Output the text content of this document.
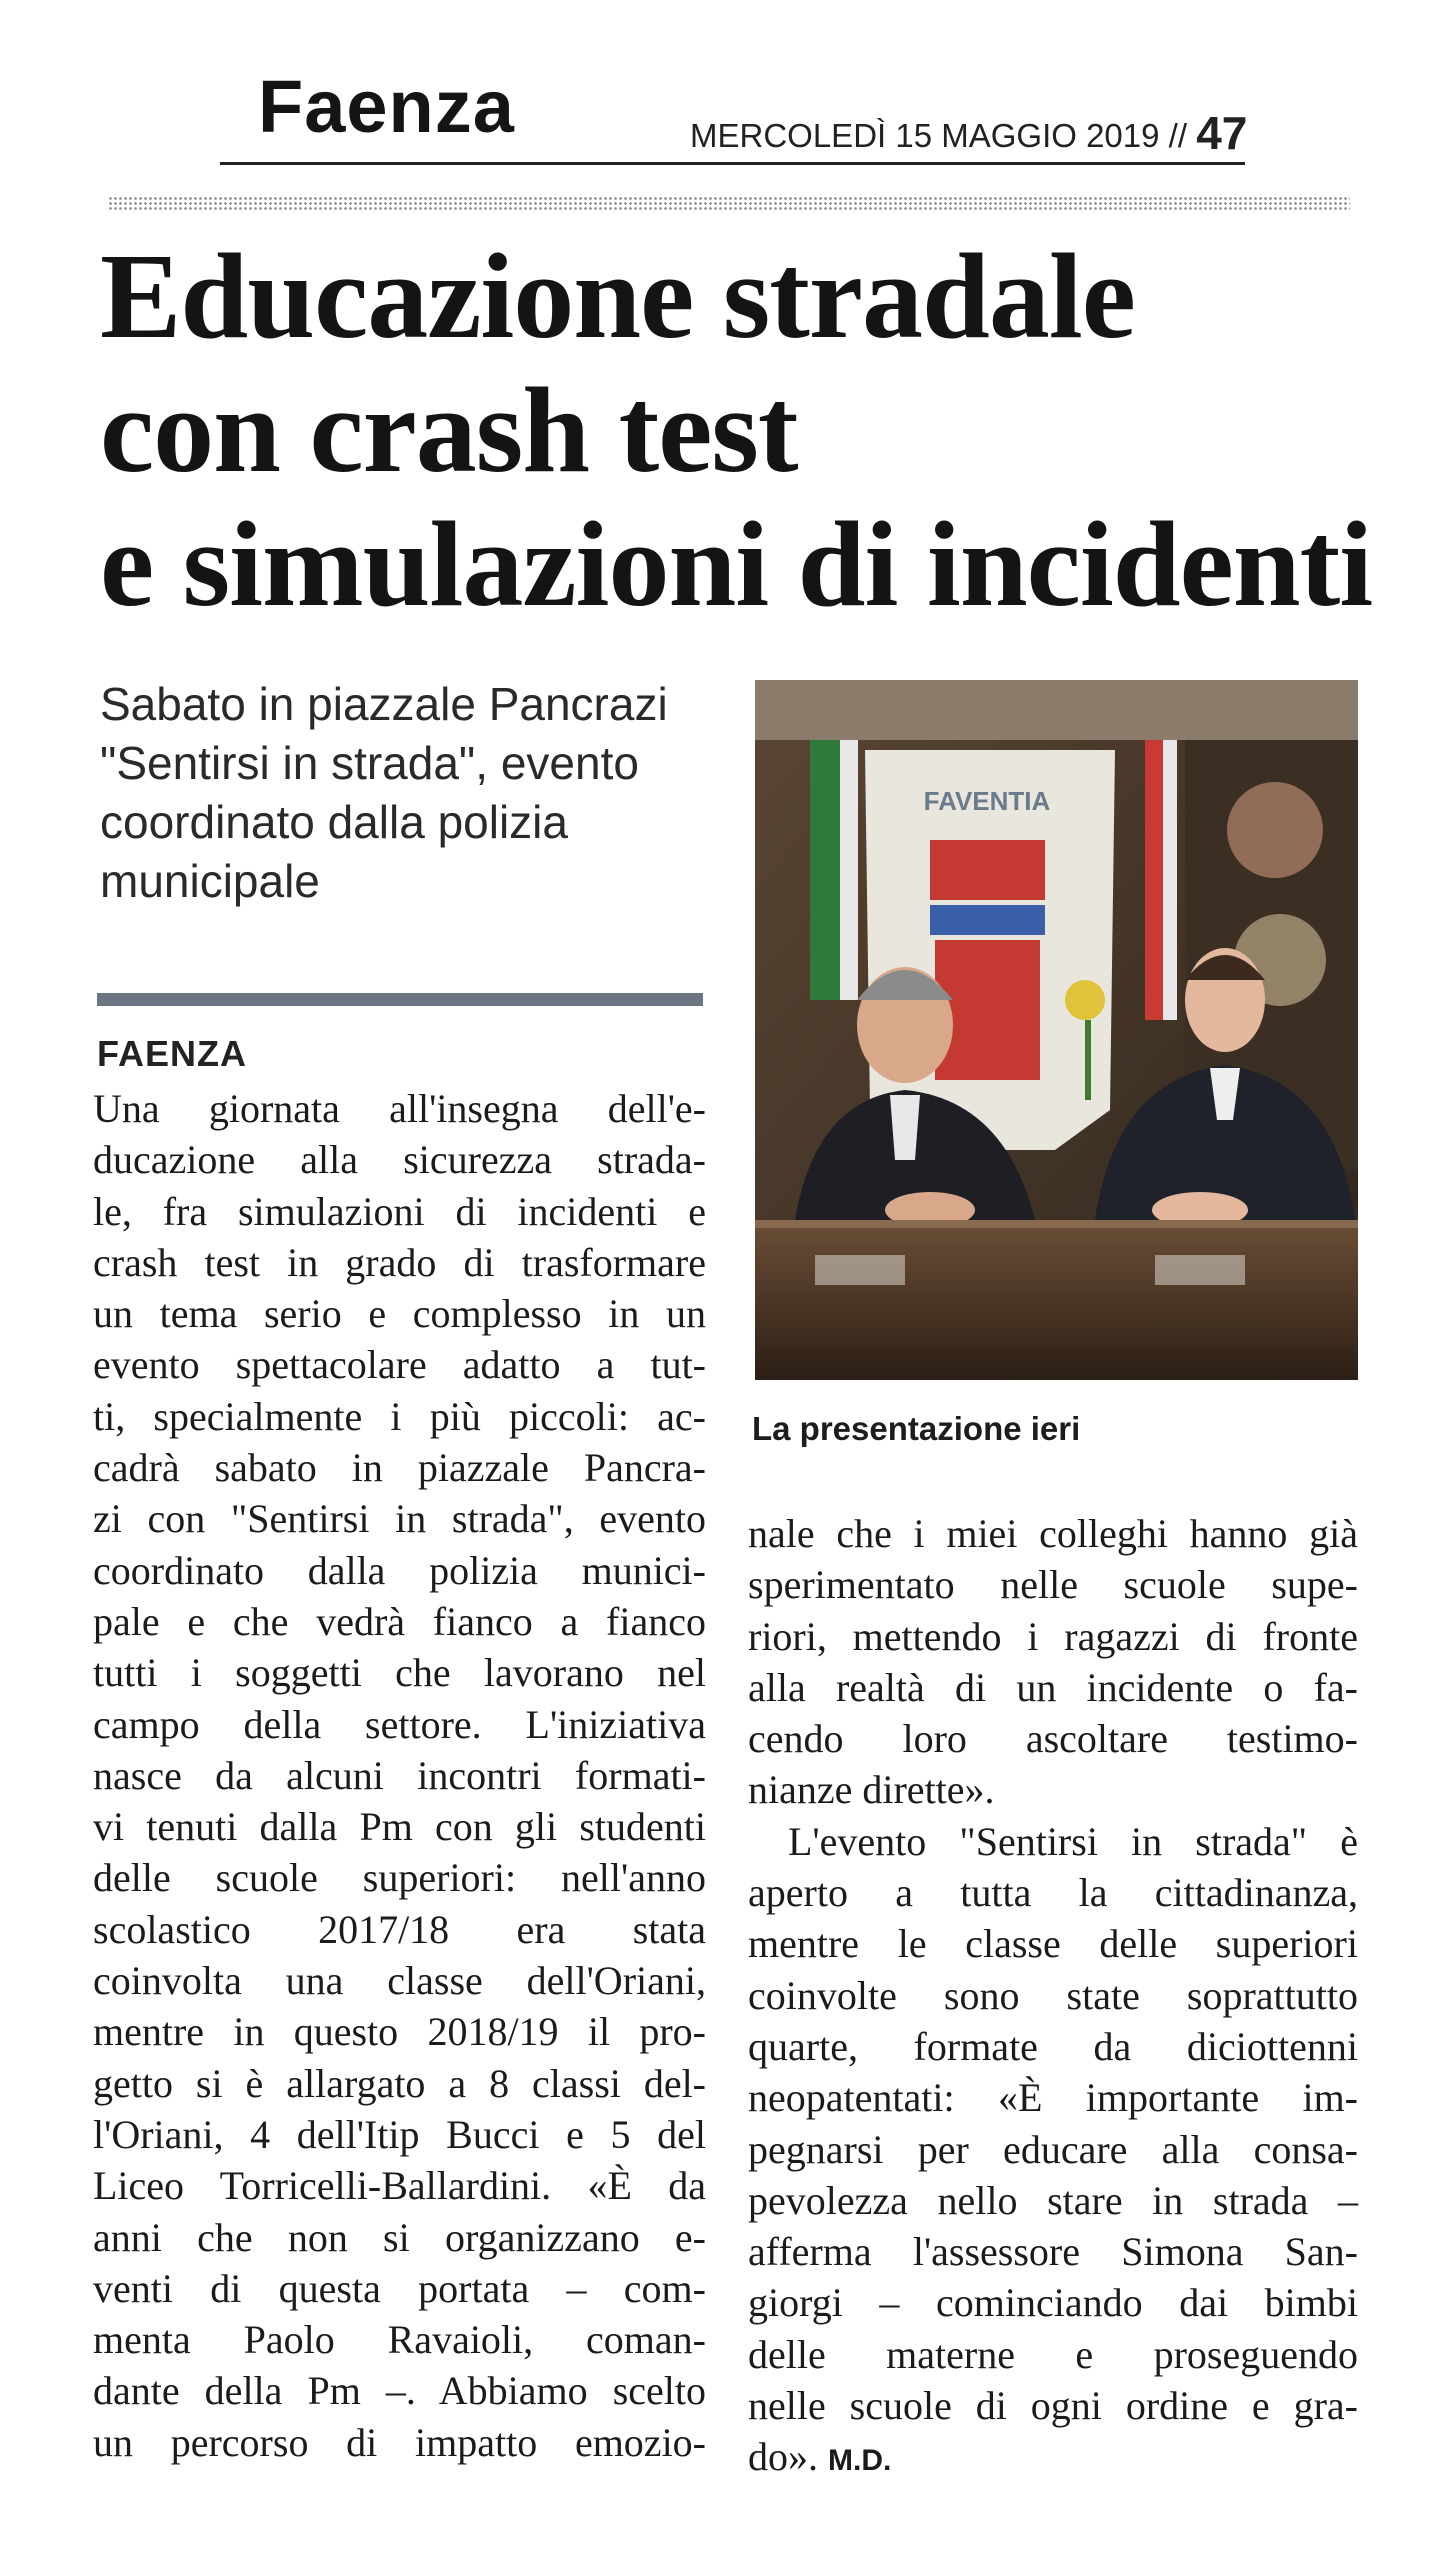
Faenza	MERCOLEDÌ 15 MAGGIO 2019 // 47
Educazione stradale
con crash test
e simulazioni di incidenti
Sabato in piazzale Pancrazi "Sentirsi in strada", evento coordinato dalla polizia municipale
FAENZA
Una giornata all'insegna dell'e-
ducazione alla sicurezza strada-
le, fra simulazioni di incidenti e
crash test in grado di trasformare
un tema serio e complesso in un
evento spettacolare adatto a tut-
ti, specialmente i più piccoli: ac-
cadrà sabato in piazzale Pancra-
zi con "Sentirsi in strada", evento
coordinato dalla polizia munici-
pale e che vedrà fianco a fianco
tutti i soggetti che lavorano nel
campo della settore. L'iniziativa
nasce da alcuni incontri formati-
vi tenuti dalla Pm con gli studenti
delle scuole superiori: nell'anno
scolastico 2017/18 era stata
coinvolta una classe dell'Oriani,
mentre in questo 2018/19 il pro-
getto si è allargato a 8 classi del-
l'Oriani, 4 dell'Itip Bucci e 5 del
Liceo Torricelli-Ballardini. «È da
anni che non si organizzano e-
venti di questa portata – com-
menta Paolo Ravaioli, coman-
dante della Pm –. Abbiamo scelto
un percorso di impatto emozio-
FAVENTIA
La presentazione ieri
nale che i miei colleghi hanno già
sperimentato nelle scuole supe-
riori, mettendo i ragazzi di fronte
alla realtà di un incidente o fa-
cendo loro ascoltare testimo-
nianze dirette».
L'evento "Sentirsi in strada" è
aperto a tutta la cittadinanza,
mentre le classe delle superiori
coinvolte sono state soprattutto
quarte, formate da diciottenni
neopatentati: «È importante im-
pegnarsi per educare alla consa-
pevolezza nello stare in strada –
afferma l'assessore Simona San-
giorgi – cominciando dai bimbi
delle materne e proseguendo
nelle scuole di ogni ordine e gra-
do». M.D.
